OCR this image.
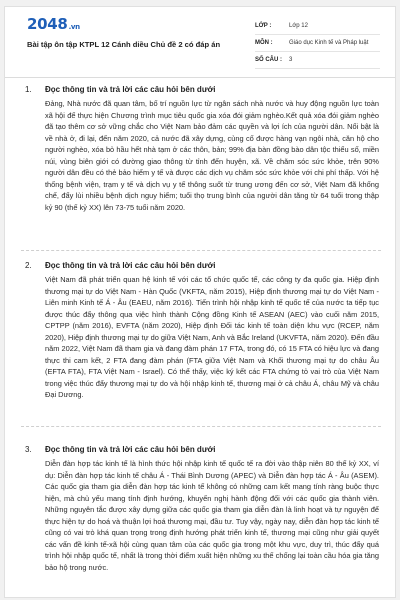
2048.vn
Bài tập ôn tập KTPL 12 Cánh diều Chủ đề 2 có đáp án
LỚP :	Lớp 12
MÔN :	Giáo dục Kinh tế và Pháp luật
SỐ CÂU :	3
1. Đọc thông tin và trả lời các câu hỏi bên dưới

Đảng, Nhà nước đã quan tâm, bố trí nguồn lực từ ngân sách nhà nước và huy động nguồn lực toàn xã hội để thực hiện Chương trình mục tiêu quốc gia xóa đói giảm nghèo.Kết quả xóa đói giảm nghèo đã tạo thêm cơ sở vững chắc cho Việt Nam bảo đảm các quyền và lợi ích của người dân. Nổi bật là về nhà ở, đi lại, đến năm 2020, cả nước đã xây dựng, củng cố được hàng vạn ngôi nhà, căn hộ cho người nghèo, xóa bỏ hầu hết nhà tạm ở các thôn, bản; 99% địa bàn đồng bào dân tộc thiểu số, miền núi, vùng biên giới có đường giao thông từ tỉnh đến huyện, xã. Về chăm sóc sức khỏe, trên 90% người dân đều có thẻ bảo hiểm y tế và được các dịch vụ chăm sóc sức khỏe với chi phí thấp. Với hệ thống bệnh viện, trạm y tế và dịch vụ y tế thông suốt từ trung ương đến cơ sở, Việt Nam đã khống chế, đẩy lùi nhiều bệnh dịch nguy hiểm; tuổi thọ trung bình của người dân tăng từ 64 tuổi trong thập kỷ 90 (thế kỷ XX) lên 73-75 tuổi năm 2020.

2. Đọc thông tin và trả lời các câu hỏi bên dưới

Việt Nam đã phát triển quan hệ kinh tế với các tổ chức quốc tế, các công ty đa quốc gia. Hiệp định thương mại tự do Việt Nam - Hàn Quốc (VKFTA, năm 2015), Hiệp định thương mại tự do Việt Nam - Liên minh Kinh tế Á - Âu (EAEU, năm 2016). Tiến trình hội nhập kinh tế quốc tế của nước ta tiếp tục được thúc đẩy thông qua việc hình thành Cộng đồng Kinh tế ASEAN (AEC) vào cuối năm 2015, CPTPP (năm 2016), EVFTA (năm 2020), Hiệp định Đối tác kinh tế toàn diện khu vực (RCEP, năm 2020), Hiệp định thương mại tự do giữa Việt Nam, Anh và Bắc Ireland (UKVFTA, năm 2020). Đến đầu năm 2022, Việt Nam đã tham gia và đang đàm phán 17 FTA, trong đó, có 15 FTA có hiệu lực và đang thực thi cam kết, 2 FTA đang đàm phán (FTA giữa Việt Nam và Khối thương mại tự do châu Âu (EFTA FTA), FTA Việt Nam - Israel). Có thể thấy, việc ký kết các FTA chứng tỏ vai trò của Việt Nam trong việc thúc đẩy thương mại tự do và hội nhập kinh tế, thương mại ở cả châu Á, châu Mỹ và châu Đại Dương.

3. Đọc thông tin và trả lời các câu hỏi bên dưới

Diễn đàn hợp tác kinh tế là hình thức hội nhập kinh tế quốc tế ra đời vào thập niên 80 thế kỷ XX, ví dụ: Diễn đàn hợp tác kinh tế châu Á - Thái Bình Dương (APEC) và Diễn đàn hợp tác Á - Âu (ASEM). Các quốc gia tham gia diễn đàn hợp tác kinh tế không có những cam kết mang tính ràng buộc thực hiện, mà chủ yếu mang tính định hướng, khuyến nghị hành động đối với các quốc gia thành viên. Những nguyên tắc được xây dựng giữa các quốc gia tham gia diễn đàn là linh hoạt và tự nguyện để thực hiện tự do hoá và thuận lợi hoá thương mại, đầu tư. Tuy vậy, ngày nay, diễn đàn hợp tác kinh tế cũng có vai trò khá quan trọng trong định hướng phát triển kinh tế, thương mại cũng như giải quyết các vấn đề kinh tế-xã hội cùng quan tâm của các quốc gia trong một khu vực, duy trì, thúc đẩy quá trình hội nhập quốc tế, nhất là trong thời điểm xuất hiện những xu thế chống lại toàn cầu hóa gia tăng bảo hộ trong nước.
